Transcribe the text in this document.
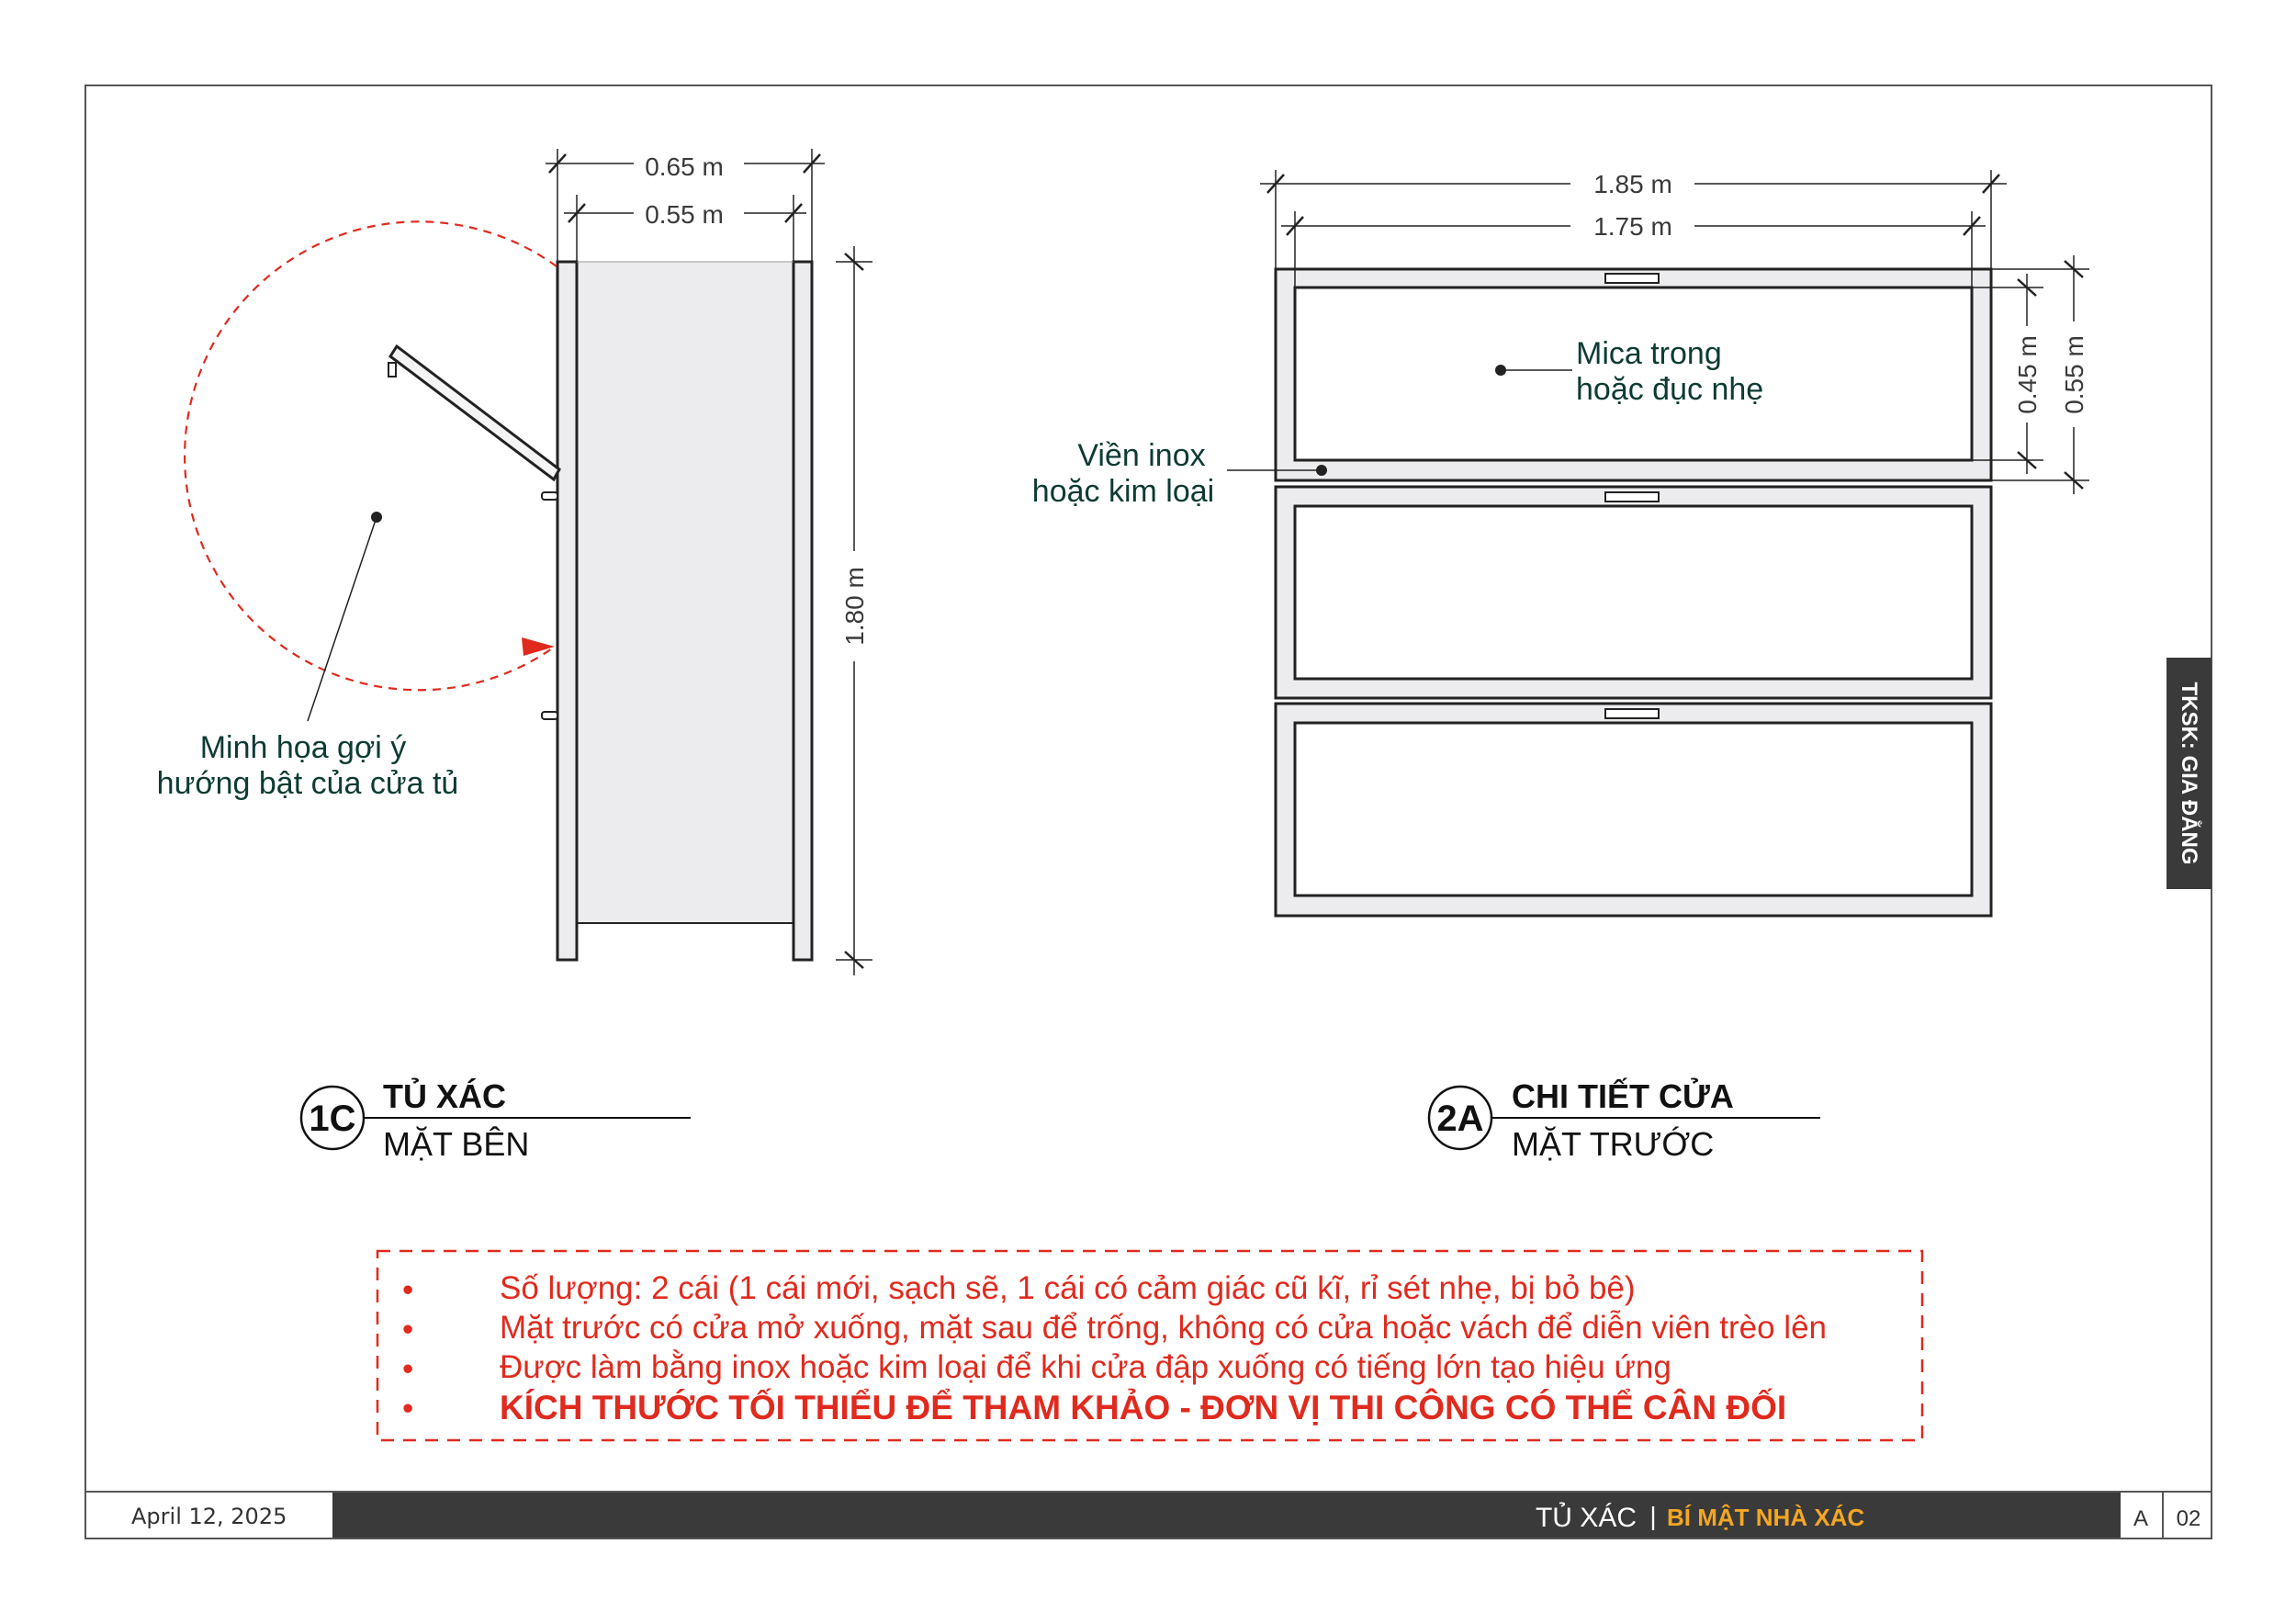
0.65 m
0.55 m
1.80 m
Minh họa gợi ý
hướng bật của cửa tủ
1C
TỦ XÁC
MẶT BÊN
1.85 m
1.75 m
0.45 m 0.55 m
Mica trong
hoặc đục nhẹ
Viền inox
hoặc kim loại
2A
CHI TIẾT CỬA
MẶT TRƯỚC
•	Số lượng: 2 cái (1 cái mới, sạch sẽ, 1 cái có cảm giác cũ kĩ, rỉ sét nhẹ, bị bỏ bê)
•	Mặt trước có cửa mở xuống, mặt sau để trống, không có cửa hoặc vách để diễn viên trèo lên
•	Được làm bằng inox hoặc kim loại để khi cửa đập xuống có tiếng lớn tạo hiệu ứng
•	KÍCH THƯỚC TỐI THIỂU ĐỂ THAM KHẢO - ĐƠN VỊ THI CÔNG CÓ THỂ CÂN ĐỐI
TKSK: GIA ĐẰNG
April 12, 2025	TỦ XÁC | BÍ MẬT NHÀ XÁC	A 02
